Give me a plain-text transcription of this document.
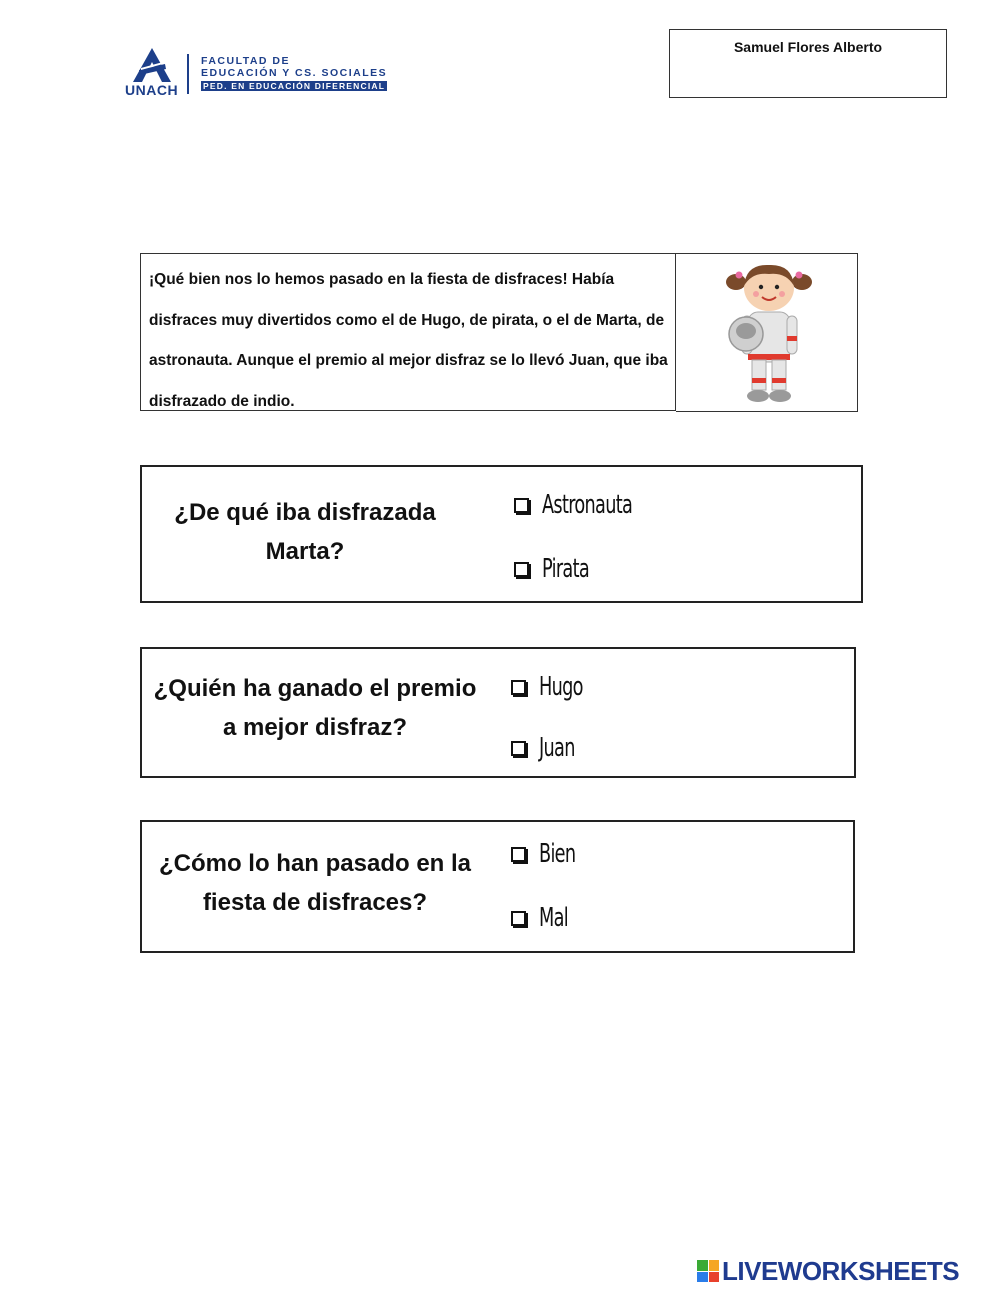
UNACH
FACULTAD DE
EDUCACIÓN Y CS. SOCIALES
PED. EN EDUCACIÓN DIFERENCIAL
Samuel Flores Alberto
¡Qué bien nos lo hemos pasado en la fiesta de disfraces! Había disfraces muy divertidos como el de Hugo, de pirata, o el de Marta, de astronauta. Aunque el premio al mejor disfraz se lo llevó Juan, que iba disfrazado de indio.
¿De qué iba disfrazada Marta?
Astronauta
Pirata
¿Quién ha ganado el premio a mejor disfraz?
Hugo
Juan
¿Cómo lo han pasado en la fiesta de disfraces?
Bien
Mal
LIVEWORKSHEETS
